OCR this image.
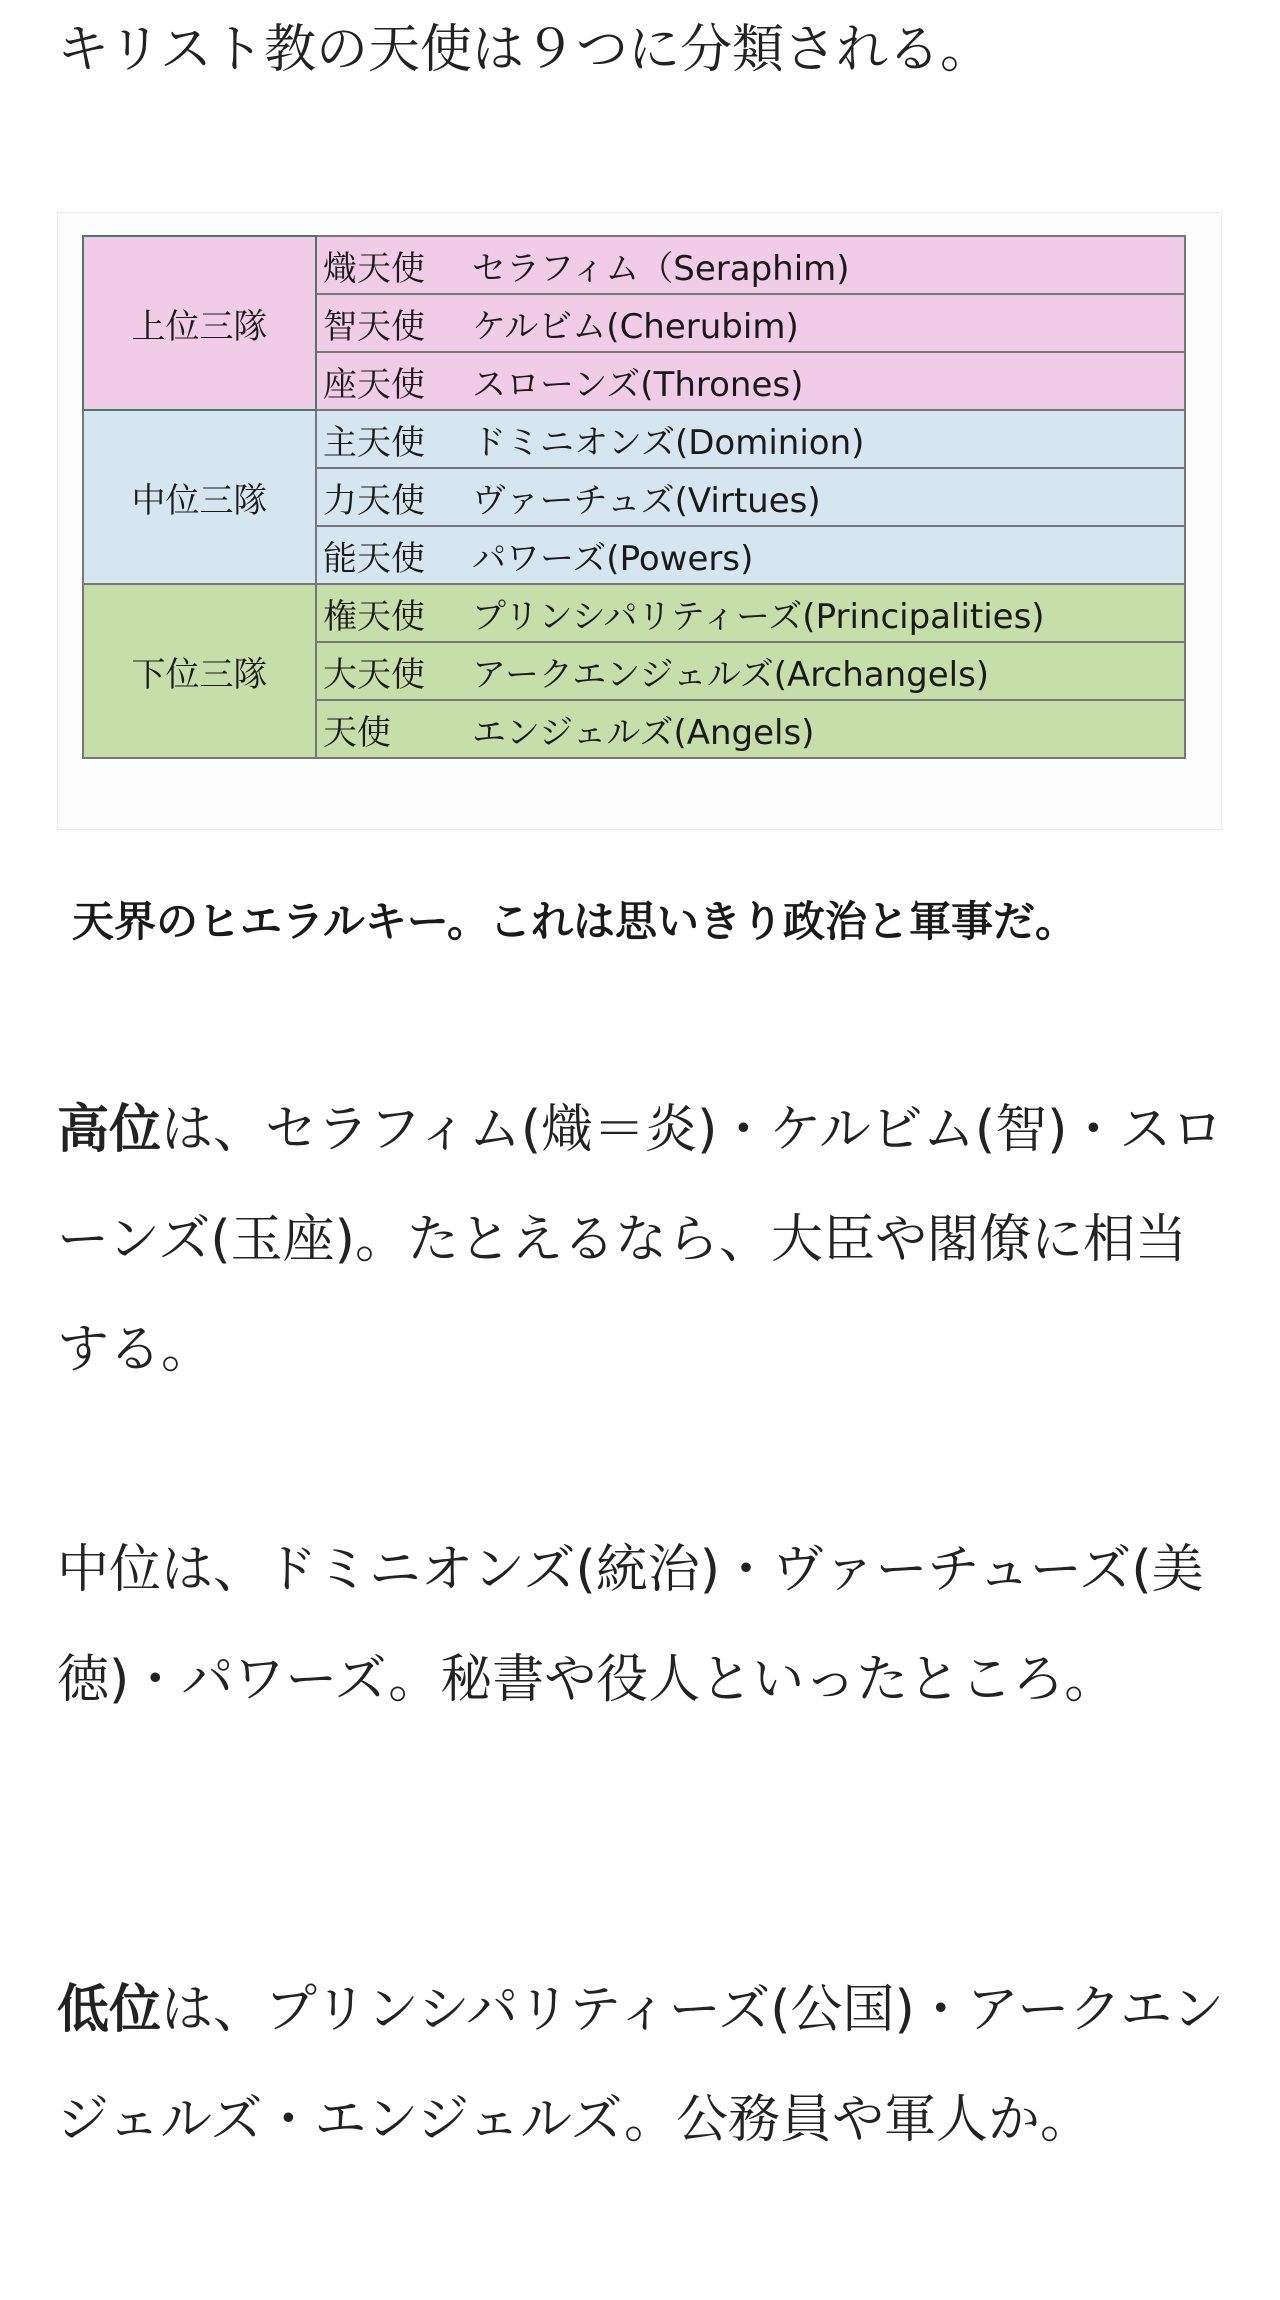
キリスト教の天使は９つに分類される。

上位三隊	熾天使	セラフィム（Seraphim)
	智天使	ケルビム(Cherubim)
	座天使	スローンズ(Thrones)
中位三隊	主天使	ドミニオンズ(Dominion)
	力天使	ヴァーチュズ(Virtues)
	能天使	パワーズ(Powers)
下位三隊	権天使	プリンシパリティーズ(Principalities)
	大天使	アークエンジェルズ(Archangels)
	天使	エンジェルズ(Angels)

天界のヒエラルキー。これは思いきり政治と軍事だ。

高位は、セラフィム(熾＝炎)・ケルビム(智)・スローンズ(玉座)。たとえるなら、大臣や閣僚に相当する。

中位は、ドミニオンズ(統治)・ヴァーチューズ(美徳)・パワーズ。秘書や役人といったところ。

低位は、プリンシパリティーズ(公国)・アークエンジェルズ・エンジェルズ。公務員や軍人か。
